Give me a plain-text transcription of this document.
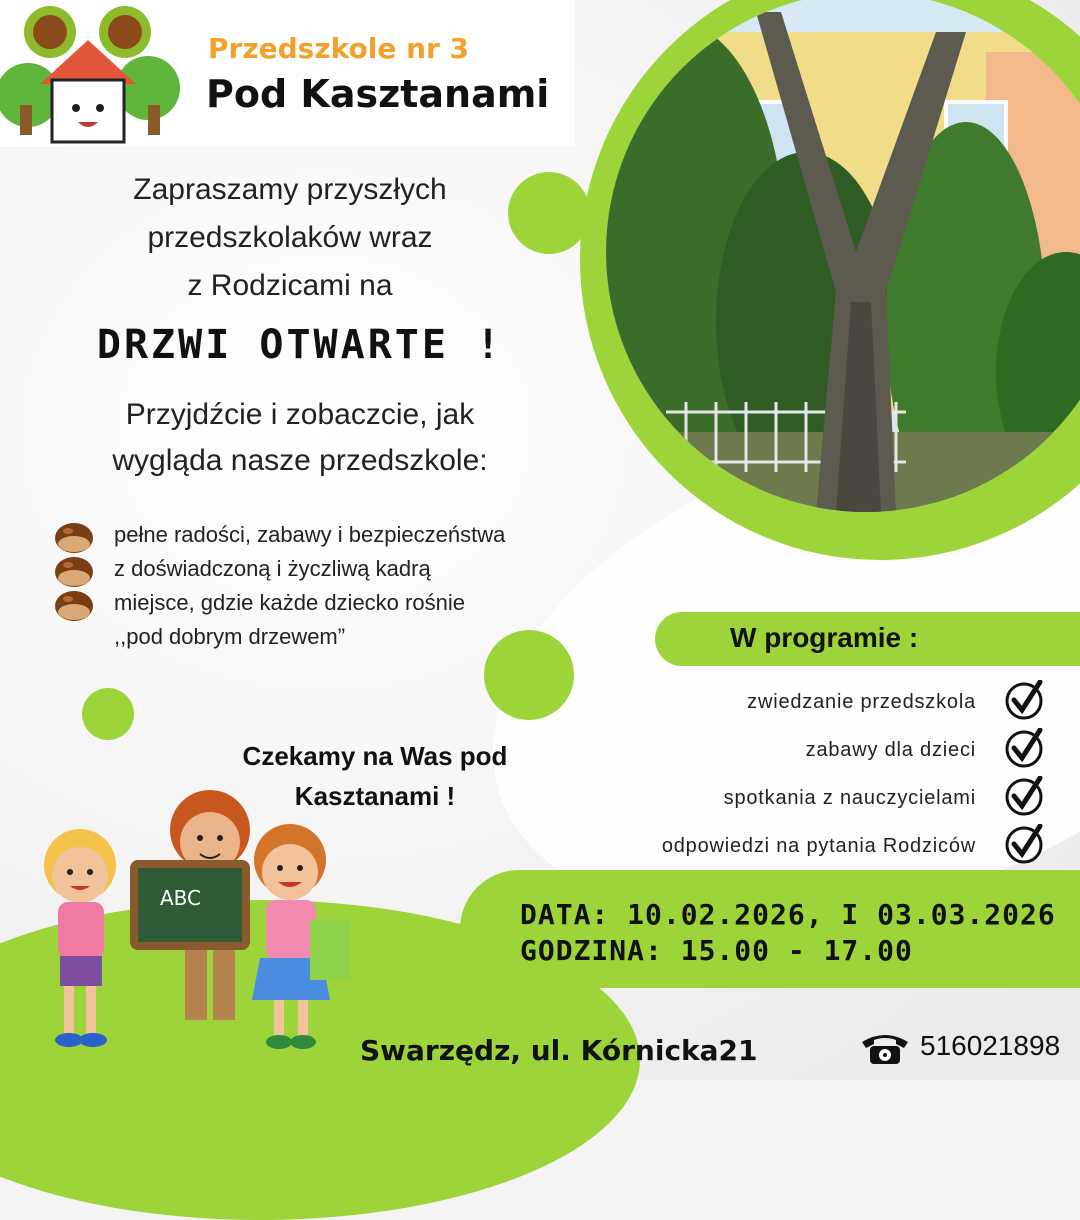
Przedszkole nr 3
Pod Kasztanami
Zapraszamy przyszłych
przedszkolaków wraz
z Rodzicami na
DRZWI OTWARTE !
Przyjdźcie i zobaczcie, jak
wygląda nasze przedszkole:
pełne radości, zabawy i bezpieczeństwa
z doświadczoną i życzliwą kadrą
miejsce, gdzie każde dziecko rośnie
,,pod dobrym drzewem”	W programie :
zwiedzanie przedszkola
zabawy dla dzieci
spotkania z nauczycielami
odpowiedzi na pytania Rodziców
Czekamy na Was pod
Kasztanami !
DATA: 10.02.2026, I 03.03.2026
GODZINA: 15.00 - 17.00
ABC
Swarzędz, ul. Kórnicka21	516021898
